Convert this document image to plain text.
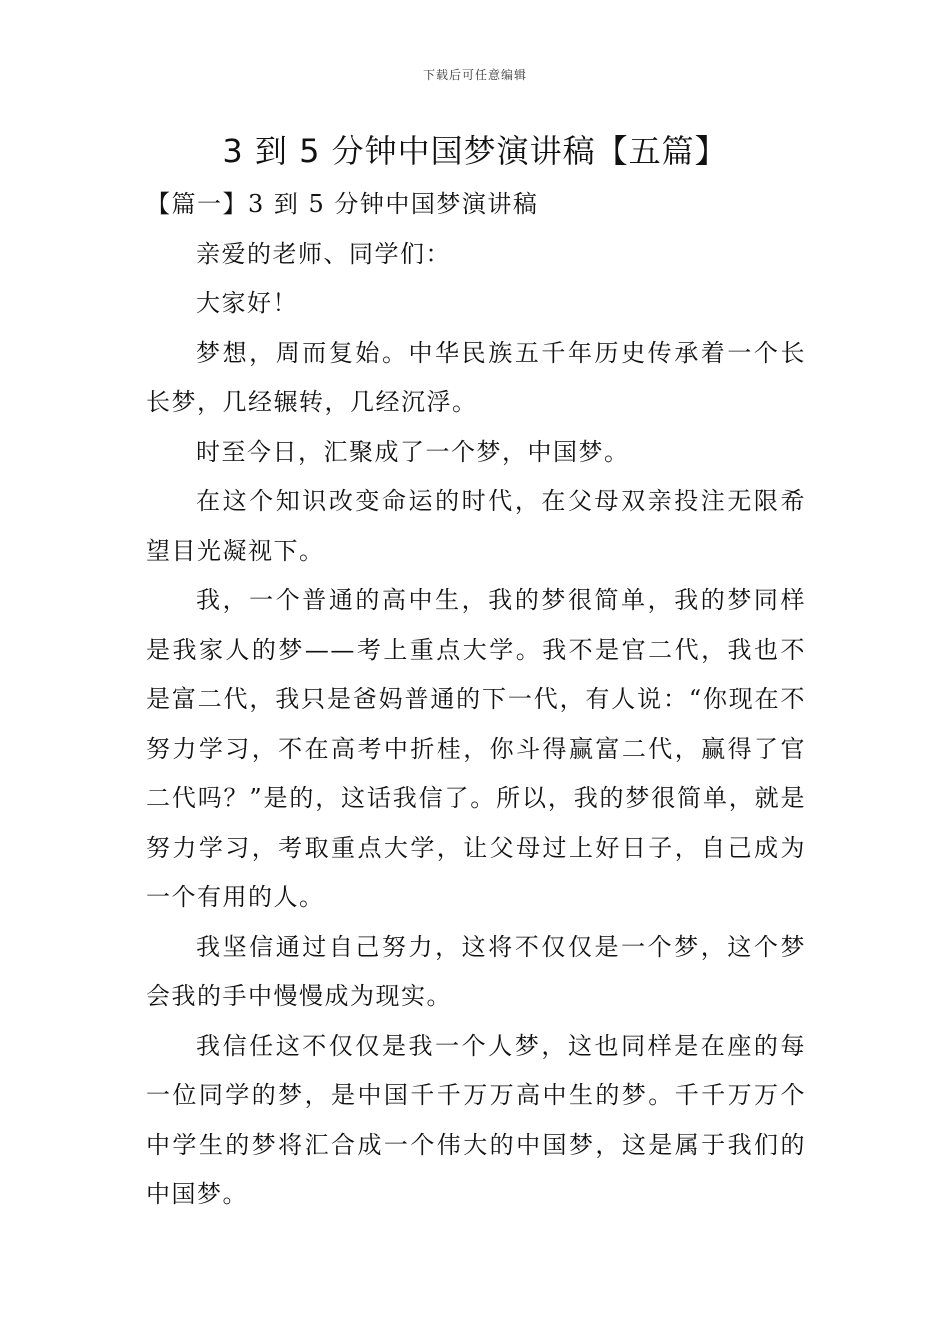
下载后可任意编辑
3 到 5 分钟中国梦演讲稿【五篇】

【篇一】3 到 5 分钟中国梦演讲稿

亲爱的老师、同学们：

大家好！

梦想，周而复始。中华民族五千年历史传承着一个长长梦，几经辗转，几经沉浮。

时至今日，汇聚成了一个梦，中国梦。

在这个知识改变命运的时代，在父母双亲投注无限希望目光凝视下。

我，一个普通的高中生，我的梦很简单，我的梦同样是我家人的梦——考上重点大学。我不是官二代，我也不是富二代，我只是爸妈普通的下一代，有人说：“你现在不努力学习，不在高考中折桂，你斗得赢富二代，赢得了官二代吗？”是的，这话我信了。所以，我的梦很简单，就是努力学习，考取重点大学，让父母过上好日子，自己成为一个有用的人。

我坚信通过自己努力，这将不仅仅是一个梦，这个梦会我的手中慢慢成为现实。

我信任这不仅仅是我一个人梦，这也同样是在座的每一位同学的梦，是中国千千万万高中生的梦。千千万万个中学生的梦将汇合成一个伟大的中国梦，这是属于我们的中国梦。
